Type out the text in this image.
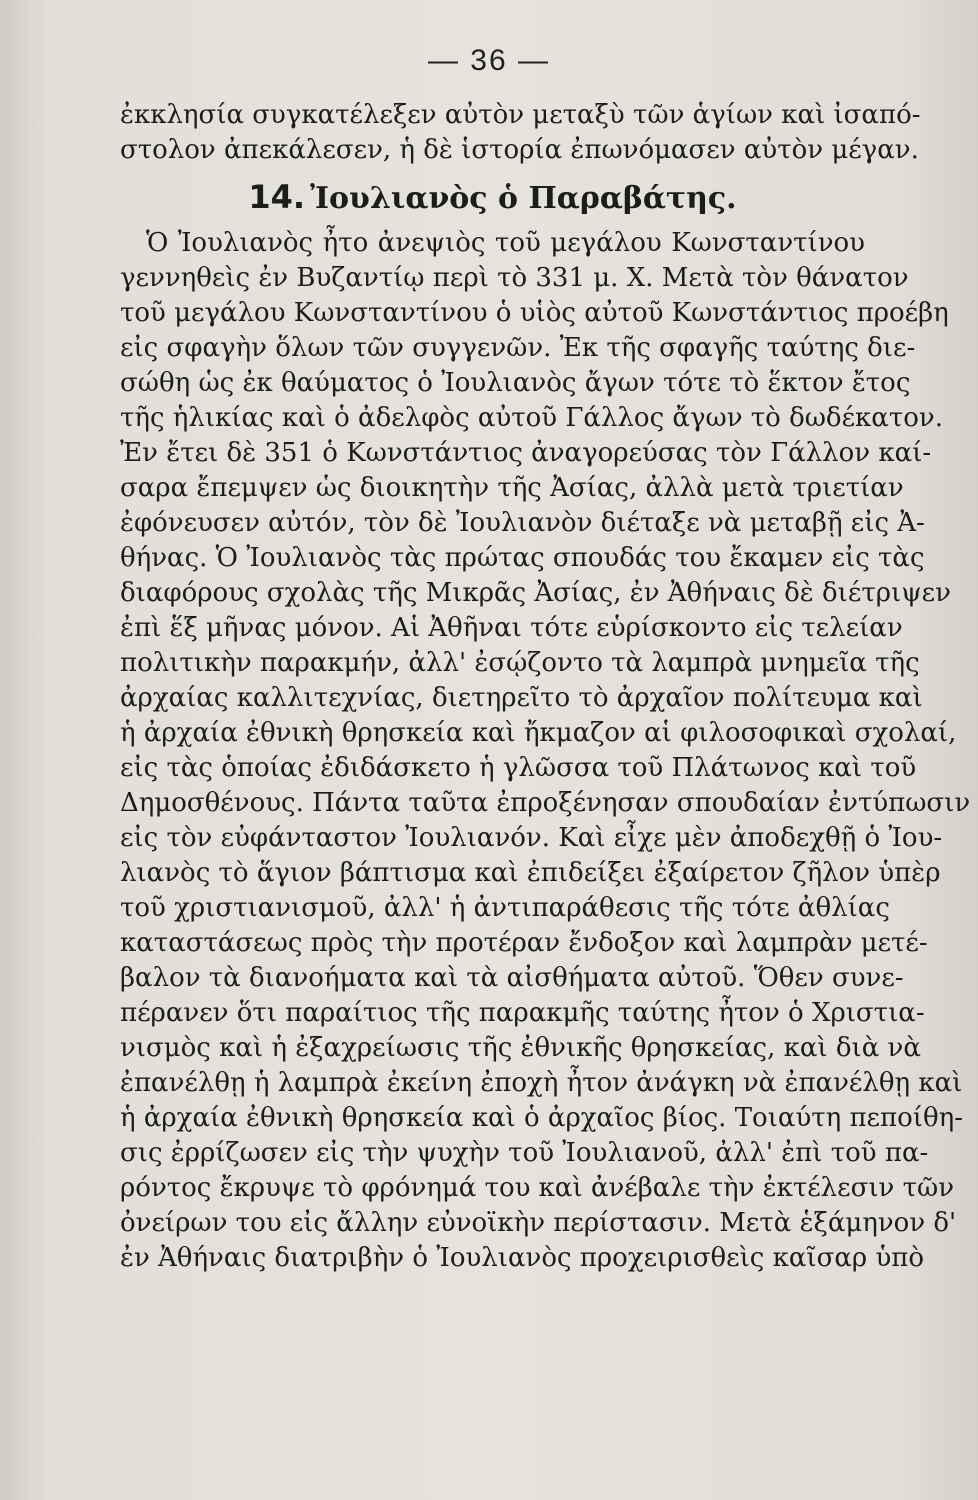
— 36 —
ἐκκλησία συγκατέλεξεν αὐτὸν μεταξὺ τῶν ἁγίων καὶ ἰσαπό-
στολον ἀπεκάλεσεν, ἡ δὲ ἱστορία ἐπωνόμασεν αὐτὸν μέγαν.
14. Ἰουλιανὸς ὁ Παραβάτης.
Ὁ Ἰουλιανὸς ἦτο ἀνεψιὸς τοῦ μεγάλου Κωνσταντίνου
γεννηθεὶς ἐν Βυζαντίῳ περὶ τὸ 331 μ. Χ. Μετὰ τὸν θάνατον
τοῦ μεγάλου Κωνσταντίνου ὁ υἱὸς αὐτοῦ Κωνστάντιος προέβη
εἰς σφαγὴν ὅλων τῶν συγγενῶν. Ἐκ τῆς σφαγῆς ταύτης διε-
σώθη ὡς ἐκ θαύματος ὁ Ἰουλιανὸς ἄγων τότε τὸ ἕκτον ἔτος
τῆς ἡλικίας καὶ ὁ ἀδελφὸς αὐτοῦ Γάλλος ἄγων τὸ δωδέκατον.
Ἐν ἔτει δὲ 351 ὁ Κωνστάντιος ἀναγορεύσας τὸν Γάλλον καί-
σαρα ἔπεμψεν ὡς διοικητὴν τῆς Ἀσίας, ἀλλὰ μετὰ τριετίαν
ἐφόνευσεν αὐτόν, τὸν δὲ Ἰουλιανὸν διέταξε νὰ μεταβῇ εἰς Ἀ-
θήνας. Ὁ Ἰουλιανὸς τὰς πρώτας σπουδάς του ἔκαμεν εἰς τὰς
διαφόρους σχολὰς τῆς Μικρᾶς Ἀσίας, ἐν Ἀθήναις δὲ διέτριψεν
ἐπὶ ἕξ μῆνας μόνον. Αἱ Ἀθῆναι τότε εὑρίσκοντο εἰς τελείαν
πολιτικὴν παρακμήν, ἀλλ' ἐσῴζοντο τὰ λαμπρὰ μνημεῖα τῆς
ἀρχαίας καλλιτεχνίας, διετηρεῖτο τὸ ἀρχαῖον πολίτευμα καὶ
ἡ ἀρχαία ἐθνικὴ θρησκεία καὶ ἤκμαζον αἱ φιλοσοφικαὶ σχολαί,
εἰς τὰς ὁποίας ἐδιδάσκετο ἡ γλῶσσα τοῦ Πλάτωνος καὶ τοῦ
Δημοσθένους. Πάντα ταῦτα ἐπροξένησαν σπουδαίαν ἐντύπωσιν
εἰς τὸν εὐφάνταστον Ἰουλιανόν. Καὶ εἶχε μὲν ἀποδεχθῇ ὁ Ἰου-
λιανὸς τὸ ἅγιον βάπτισμα καὶ ἐπιδείξει ἐξαίρετον ζῆλον ὑπὲρ
τοῦ χριστιανισμοῦ, ἀλλ' ἡ ἀντιπαράθεσις τῆς τότε ἀθλίας
καταστάσεως πρὸς τὴν προτέραν ἔνδοξον καὶ λαμπρὰν μετέ-
βαλον τὰ διανοήματα καὶ τὰ αἰσθήματα αὐτοῦ. Ὅθεν συνε-
πέρανεν ὅτι παραίτιος τῆς παρακμῆς ταύτης ἦτον ὁ Χριστια-
νισμὸς καὶ ἡ ἐξαχρείωσις τῆς ἐθνικῆς θρησκείας, καὶ διὰ νὰ
ἐπανέλθῃ ἡ λαμπρὰ ἐκείνη ἐποχὴ ἦτον ἀνάγκη νὰ ἐπανέλθῃ καὶ
ἡ ἀρχαία ἐθνικὴ θρησκεία καὶ ὁ ἀρχαῖος βίος. Τοιαύτη πεποίθη-
σις ἐρρίζωσεν εἰς τὴν ψυχὴν τοῦ Ἰουλιανοῦ, ἀλλ' ἐπὶ τοῦ πα-
ρόντος ἔκρυψε τὸ φρόνημά του καὶ ἀνέβαλε τὴν ἐκτέλεσιν τῶν
ὀνείρων του εἰς ἄλλην εὐνοϊκὴν περίστασιν. Μετὰ ἑξάμηνον δ'
ἐν Ἀθήναις διατριβὴν ὁ Ἰουλιανὸς προχειρισθεὶς καῖσαρ ὑπὸ
